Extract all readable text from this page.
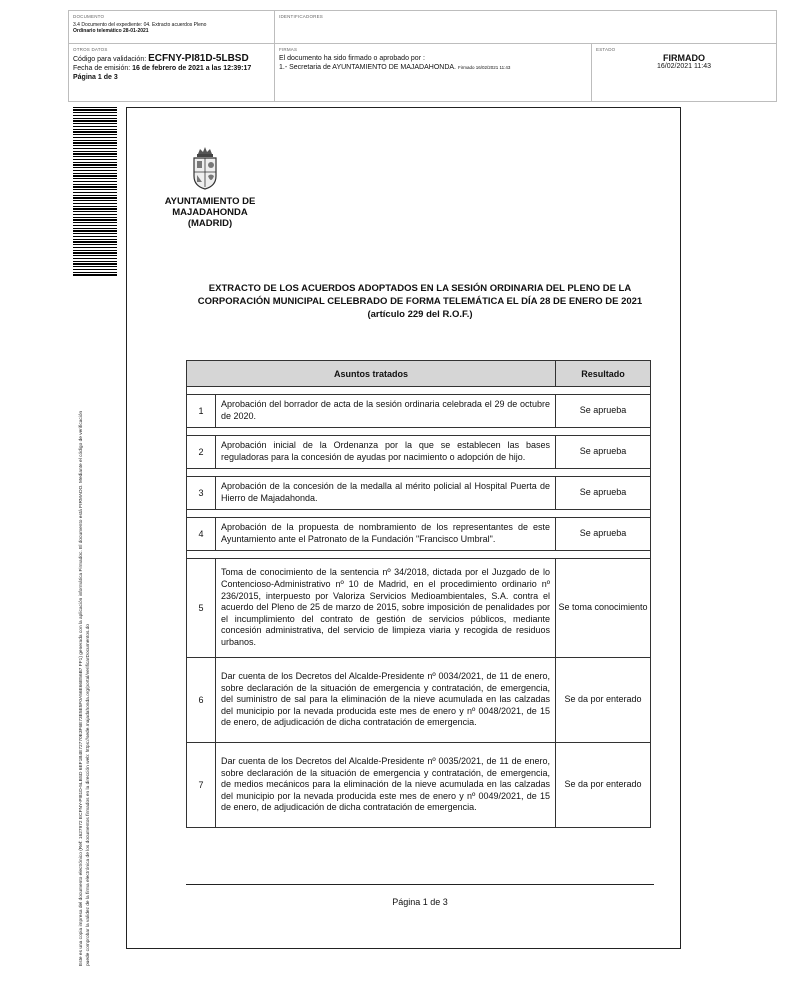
DOCUMENTO
3.4 Documento del expediente: 04. Extracto acuerdos Pleno
Ordinario telemático 28-01-2021
IDENTIFICADORES
OTROS DATOS
Código para validación: ECFNY-PI81D-5LBSD
Fecha de emisión: 16 de febrero de 2021 a las 12:39:17
Página 1 de 3
FIRMAS
El documento ha sido firmado o aprobado por :
1.- Secretaria de AYUNTAMIENTO DE MAJADAHONDA. Firmado 16/02/2021 11:43
ESTADO
FIRMADO
16/02/2021 11:43
Este es una copia impresa del documento electrónico (Ref: 1627972 ECFNY-PI81D-5LBSD 6EF1B4E72770E3F6E73E5E5F0A56E66E56B7 FF1) generada con la aplicación informática Firmadoc. El documento está FIRMADO. Mediante el código de verificación puede comprobar la validez de la firma electrónica de los documentos firmados en la dirección web: https://sede.majadahonda.org/portal/verificarDocumentos.do
AYUNTAMIENTO DE
MAJADAHONDA
(MADRID)
EXTRACTO DE LOS ACUERDOS ADOPTADOS EN LA SESIÓN ORDINARIA DEL PLENO DE LA
CORPORACIÓN MUNICIPAL CELEBRADO DE FORMA TELEMÁTICA EL DÍA 28 DE ENERO DE 2021
(artículo 229 del R.O.F.)
Asuntos tratados		Resultado

1	Aprobación del borrador de acta de la sesión ordinaria celebrada el 29 de octubre de 2020.	Se aprueba

2	Aprobación inicial de la Ordenanza por la que se establecen las bases reguladoras para la concesión de ayudas por nacimiento o adopción de hijo.	Se aprueba

3	Aprobación de la concesión de la medalla al mérito policial al Hospital Puerta de Hierro de Majadahonda.	Se aprueba

4	Aprobación de la propuesta de nombramiento de los representantes de este Ayuntamiento ante el Patronato de la Fundación "Francisco Umbral".	Se aprueba

5	Toma de conocimiento de la sentencia nº 34/2018, dictada por el Juzgado de lo Contencioso-Administrativo nº 10 de Madrid, en el procedimiento ordinario nº 236/2015, interpuesto por Valoriza Servicios Medioambientales, S.A. contra el acuerdo del Pleno de 25 de marzo de 2015, sobre imposición de penalidades por el incumplimiento del contrato de gestión de servicios públicos, mediante concesión administrativa, del servicio de limpieza viaria y recogida de residuos urbanos.	Se toma conocimiento
6	Dar cuenta de los Decretos del Alcalde-Presidente nº 0034/2021, de 11 de enero, sobre declaración de la situación de emergencia y contratación, de emergencia, del suministro de sal para la eliminación de la nieve acumulada en las calzadas del municipio por la nevada producida este mes de enero y nº 0048/2021, de 15 de enero, de adjudicación de dicha contratación de emergencia.	Se da por enterado
7	Dar cuenta de los Decretos del Alcalde-Presidente nº 0035/2021, de 11 de enero, sobre declaración de la situación de emergencia y contratación, de emergencia, de medios mecánicos para la eliminación de la nieve acumulada en las calzadas del municipio por la nevada producida este mes de enero y nº 0049/2021, de 15 de enero, de adjudicación de dicha contratación de emergencia.	Se da por enterado
Página 1 de 3
